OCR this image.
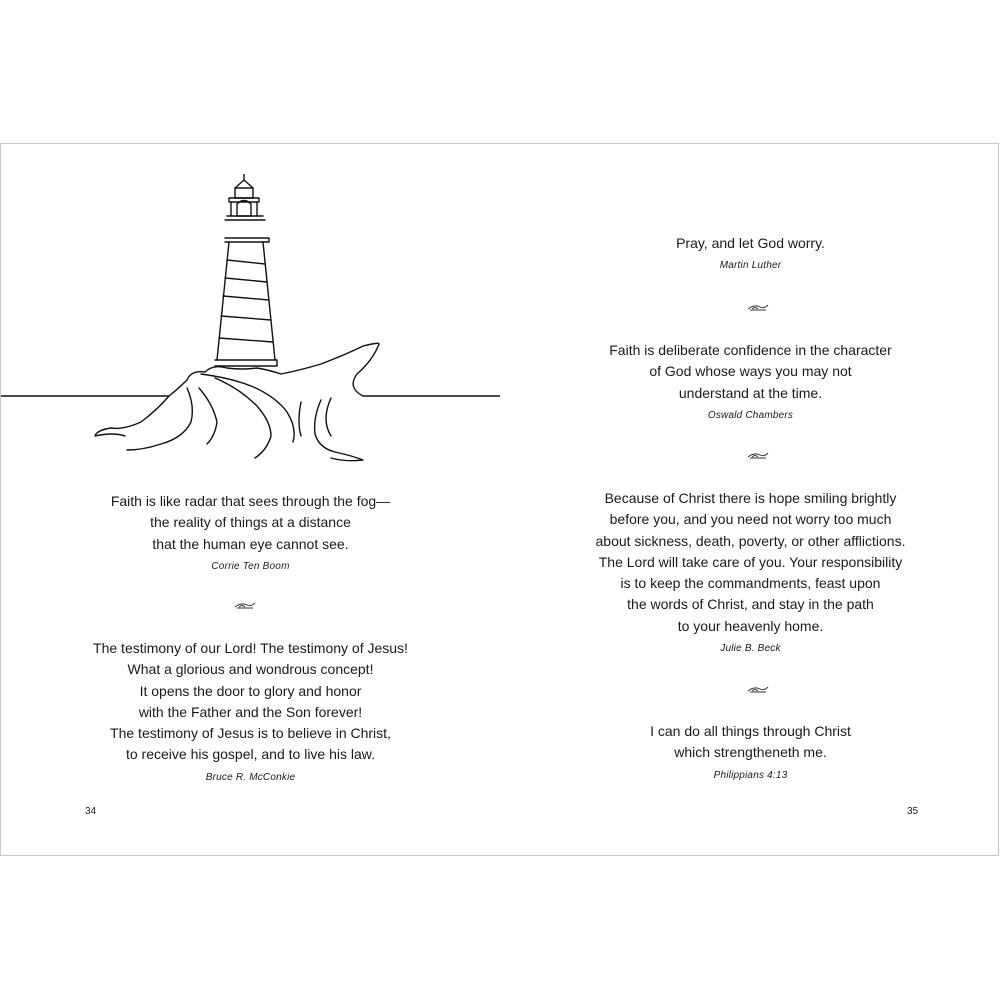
Faith is like radar that sees through the fog—
the reality of things at a distance
that the human eye cannot see.
Corrie Ten Boom
The testimony of our Lord! The testimony of Jesus!
What a glorious and wondrous concept!
It opens the door to glory and honor
with the Father and the Son forever!
The testimony of Jesus is to believe in Christ,
to receive his gospel, and to live his law.
Bruce R. McConkie
34
Pray, and let God worry.
Martin Luther
Faith is deliberate confidence in the character
of God whose ways you may not
understand at the time.
Oswald Chambers
Because of Christ there is hope smiling brightly
before you, and you need not worry too much
about sickness, death, poverty, or other afflictions.
The Lord will take care of you. Your responsibility
is to keep the commandments, feast upon
the words of Christ, and stay in the path
to your heavenly home.
Julie B. Beck
I can do all things through Christ
which strengtheneth me.
Philippians 4:13
35
